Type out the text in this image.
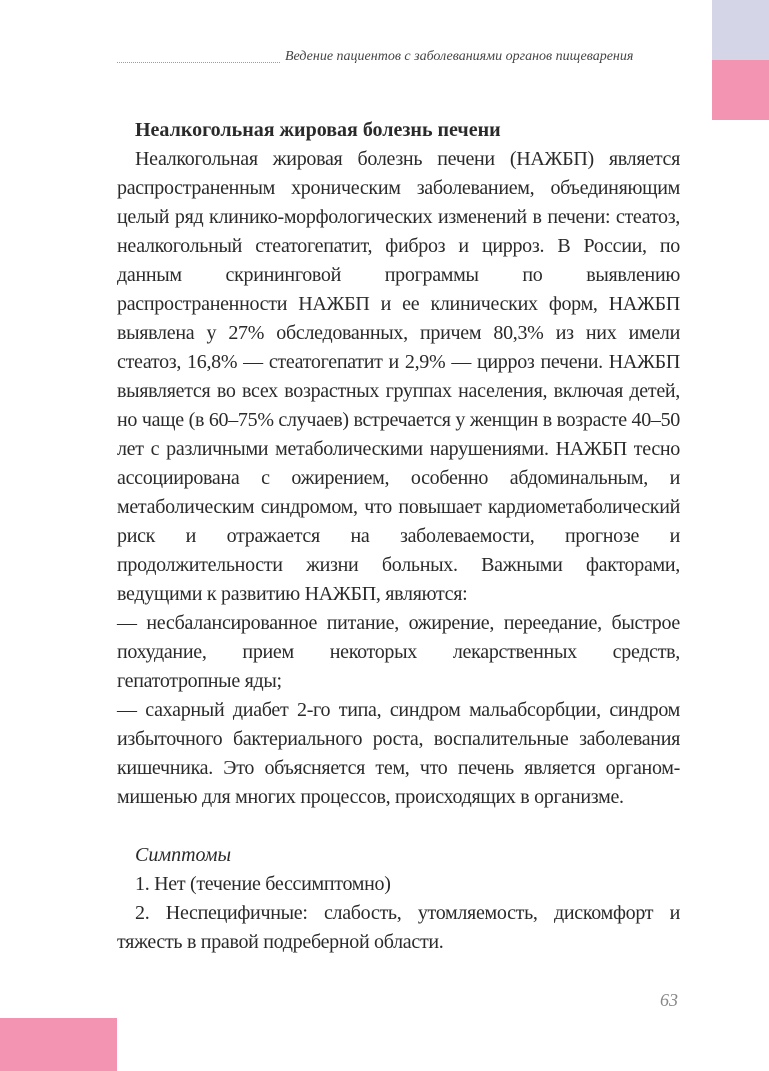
Ведение пациентов с заболеваниями органов пищеварения

Неалкогольная жировая болезнь печени

Неалкогольная жировая болезнь печени (НАЖБП) является распространенным хроническим заболеванием, объединяющим целый ряд клинико-морфологических изменений в печени: стеатоз, неалкогольный стеатогепатит, фиброз и цирроз. В России, по данным скрининговой программы по выявлению распространенности НАЖБП и ее клинических форм, НАЖБП выявлена у 27% обследованных, причем 80,3% из них имели стеатоз, 16,8% — стеатогепатит и 2,9% — цирроз печени. НАЖБП выявляется во всех возрастных группах населения, включая детей, но чаще (в 60–75% случаев) встречается у женщин в возрасте 40–50 лет с различными метаболическими нарушениями. НАЖБП тесно ассоциирована с ожирением, особенно абдоминальным, и метаболическим синдромом, что повышает кардиометаболический риск и отражается на заболеваемости, прогнозе и продолжительности жизни больных. Важными факторами, ведущими к развитию НАЖБП, являются:

— несбалансированное питание, ожирение, переедание, быстрое похудание, прием некоторых лекарственных средств, гепатотропные яды;

— сахарный диабет 2-го типа, синдром мальабсорбции, синдром избыточного бактериального роста, воспалительные заболевания кишечника. Это объясняется тем, что печень является органом-мишенью для многих процессов, происходящих в организме.

Симптомы

1. Нет (течение бессимптомно)

2. Неспецифичные: слабость, утомляемость, дискомфорт и тяжесть в правой подреберной области.

63
